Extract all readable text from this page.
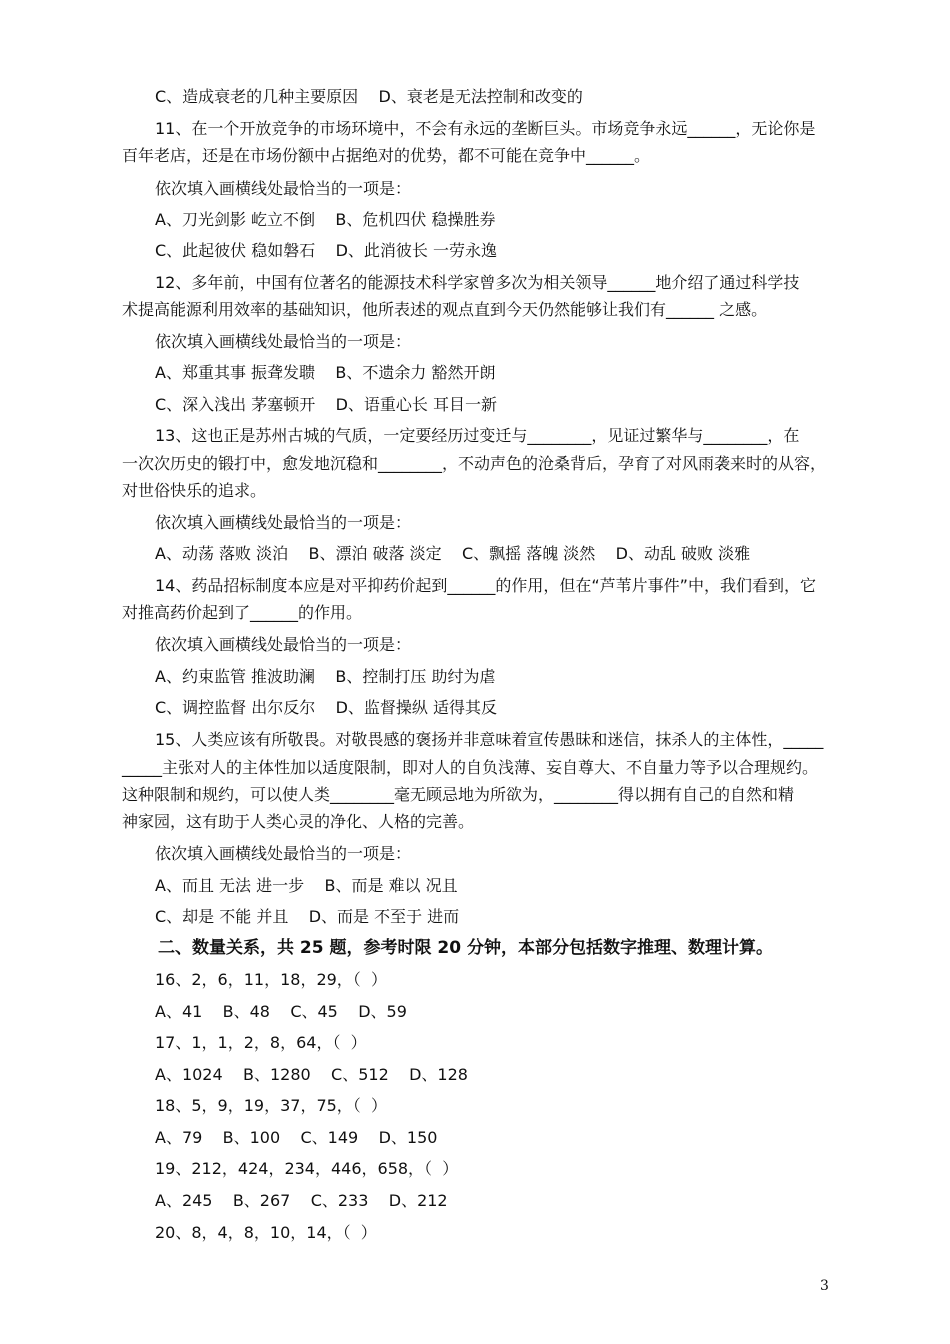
C、造成衰老的几种主要原因    D、衰老是无法控制和改变的
11、在一个开放竞争的市场环境中，不会有永远的垄断巨头。市场竞争永远______，无论你是
百年老店，还是在市场份额中占据绝对的优势，都不可能在竞争中______。
依次填入画横线处最恰当的一项是：
A、刀光剑影 屹立不倒    B、危机四伏 稳操胜券
C、此起彼伏 稳如磐石    D、此消彼长 一劳永逸
12、多年前，中国有位著名的能源技术科学家曾多次为相关领导______地介绍了通过科学技
术提高能源利用效率的基础知识，他所表述的观点直到今天仍然能够让我们有______ 之感。
依次填入画横线处最恰当的一项是：
A、郑重其事 振聋发聩    B、不遗余力 豁然开朗
C、深入浅出 茅塞顿开    D、语重心长 耳目一新
13、这也正是苏州古城的气质，一定要经历过变迁与________，见证过繁华与________，在
一次次历史的锻打中，愈发地沉稳和________，不动声色的沧桑背后，孕育了对风雨袭来时的从容，
对世俗快乐的追求。
依次填入画横线处最恰当的一项是：
A、动荡 落败 淡泊    B、漂泊 破落 淡定    C、飘摇 落魄 淡然    D、动乱 破败 淡雅
14、药品招标制度本应是对平抑药价起到______的作用，但在“芦苇片事件”中，我们看到，它
对推高药价起到了______的作用。
依次填入画横线处最恰当的一项是：
A、约束监管 推波助澜    B、控制打压 助纣为虐
C、调控监督 出尔反尔    D、监督操纵 适得其反
15、人类应该有所敬畏。对敬畏感的褒扬并非意味着宣传愚昧和迷信，抹杀人的主体性，_____
_____主张对人的主体性加以适度限制，即对人的自负浅薄、妄自尊大、不自量力等予以合理规约。
这种限制和规约，可以使人类________毫无顾忌地为所欲为，________得以拥有自己的自然和精
神家园，这有助于人类心灵的净化、人格的完善。
依次填入画横线处最恰当的一项是：
A、而且 无法 进一步    B、而是 难以 况且
C、却是 不能 并且    D、而是 不至于 进而
二、数量关系，共 25 题，参考时限 20 分钟，本部分包括数字推理、数理计算。
16、2，6，11，18，29，（  ）
A、41    B、48    C、45    D、59
17、1，1，2，8，64，（  ）
A、1024    B、1280    C、512    D、128
18、5，9，19，37，75，（  ）
A、79    B、100    C、149    D、150
19、212，424，234，446，658，（  ）
A、245    B、267    C、233    D、212
20、8，4，8，10，14，（  ）
3
